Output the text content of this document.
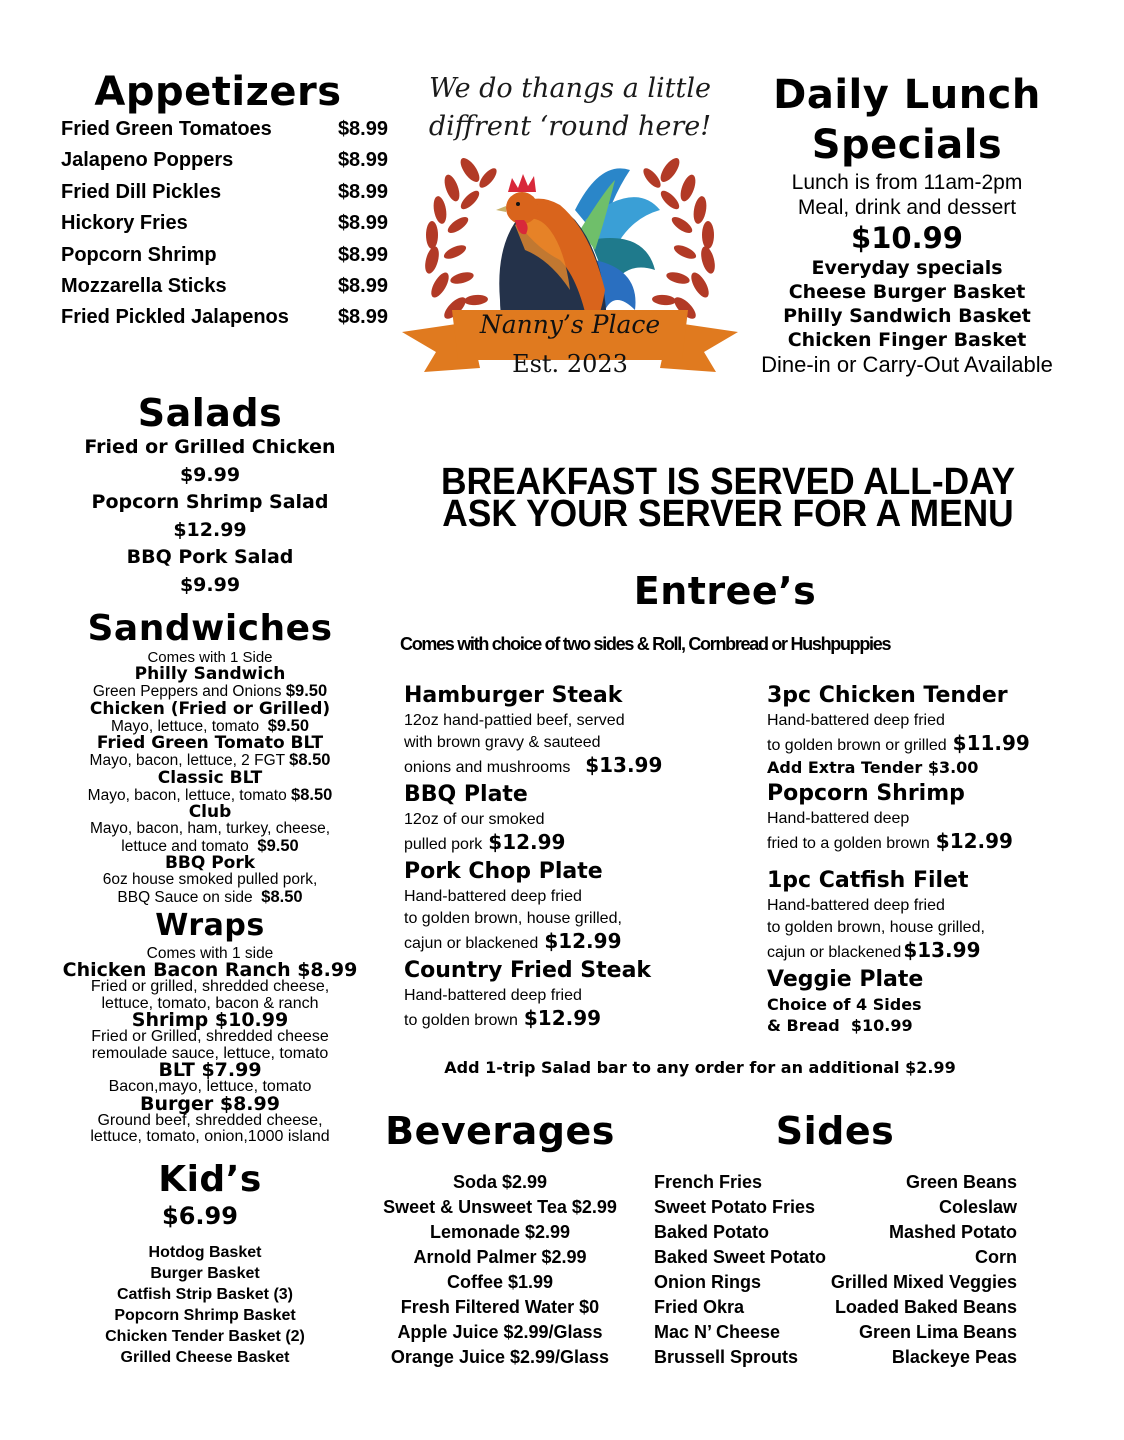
Appetizers
Fried Green Tomatoes	$8.99
Jalapeno Poppers	$8.99
Fried Dill Pickles	$8.99
Hickory Fries	$8.99
Popcorn Shrimp	$8.99
Mozzarella Sticks	$8.99
Fried Pickled Jalapenos $8.99
We do thangs a little
diffrent ‘round here!
Nanny’s Place
Est. 2023
Daily Lunch
Specials
Lunch is from 11am-2pm
Meal, drink and dessert
$10.99
Everyday specials
Cheese Burger Basket
Philly Sandwich Basket
Chicken Finger Basket
Dine-in or Carry-Out Available
Salads
Fried or Grilled Chicken
$9.99
Popcorn Shrimp Salad
$12.99
BBQ Pork Salad
$9.99
Sandwiches
Comes with 1 Side
Philly Sandwich
Green Peppers and Onions $9.50
Chicken (Fried or Grilled)
Mayo, lettuce, tomato $9.50
Fried Green Tomato BLT
Mayo, bacon, lettuce, 2 FGT $8.50
Classic BLT
Mayo, bacon, lettuce, tomato $8.50
Club
Mayo, bacon, ham, turkey, cheese,
lettuce and tomato $9.50
BBQ Pork
6oz house smoked pulled pork,
BBQ Sauce on side $8.50
Wraps
Comes with 1 side
Chicken Bacon Ranch $8.99
Fried or grilled, shredded cheese,
lettuce, tomato, bacon & ranch
Shrimp $10.99
Fried or Grilled, shredded cheese
remoulade sauce, lettuce, tomato
BLT $7.99
Bacon,mayo, lettuce, tomato
Burger $8.99
Ground beef, shredded cheese,
lettuce, tomato, onion,1000 island
Kid’s
$6.99
Hotdog Basket
Burger Basket
Catfish Strip Basket (3)
Popcorn Shrimp Basket
Chicken Tender Basket (2)
Grilled Cheese Basket
BREAKFAST IS SERVED ALL-DAY
ASK YOUR SERVER FOR A MENU
Entree’s
Comes with choice of two sides & Roll, Cornbread or Hushpuppies
Hamburger Steak
12oz hand-pattied beef, served
with brown gravy & sauteed
onions and mushrooms $13.99
BBQ Plate
12oz of our smoked
pulled pork $12.99
Pork Chop Plate
Hand-battered deep fried
to golden brown, house grilled,
cajun or blackened $12.99
Country Fried Steak
Hand-battered deep fried
to golden brown $12.99
3pc Chicken Tender
Hand-battered deep fried
to golden brown or grilled $11.99
Add Extra Tender $3.00
Popcorn Shrimp
Hand-battered deep
fried to a golden brown $12.99
1pc Catfish Filet
Hand-battered deep fried
to golden brown, house grilled,
cajun or blackened $13.99
Veggie Plate
Choice of 4 Sides
& Bread $10.99
Add 1-trip Salad bar to any order for an additional $2.99
Beverages
Soda $2.99
Sweet & Unsweet Tea $2.99
Lemonade $2.99
Arnold Palmer $2.99
Coffee $1.99
Fresh Filtered Water $0
Apple Juice $2.99/Glass
Orange Juice $2.99/Glass
Sides
French Fries	Green Beans
Sweet Potato Fries	Coleslaw
Baked Potato	Mashed Potato
Baked Sweet Potato	Corn
Onion Rings	Grilled Mixed Veggies
Fried Okra	Loaded Baked Beans
Mac N’ Cheese	Green Lima Beans
Brussell Sprouts	Blackeye Peas
